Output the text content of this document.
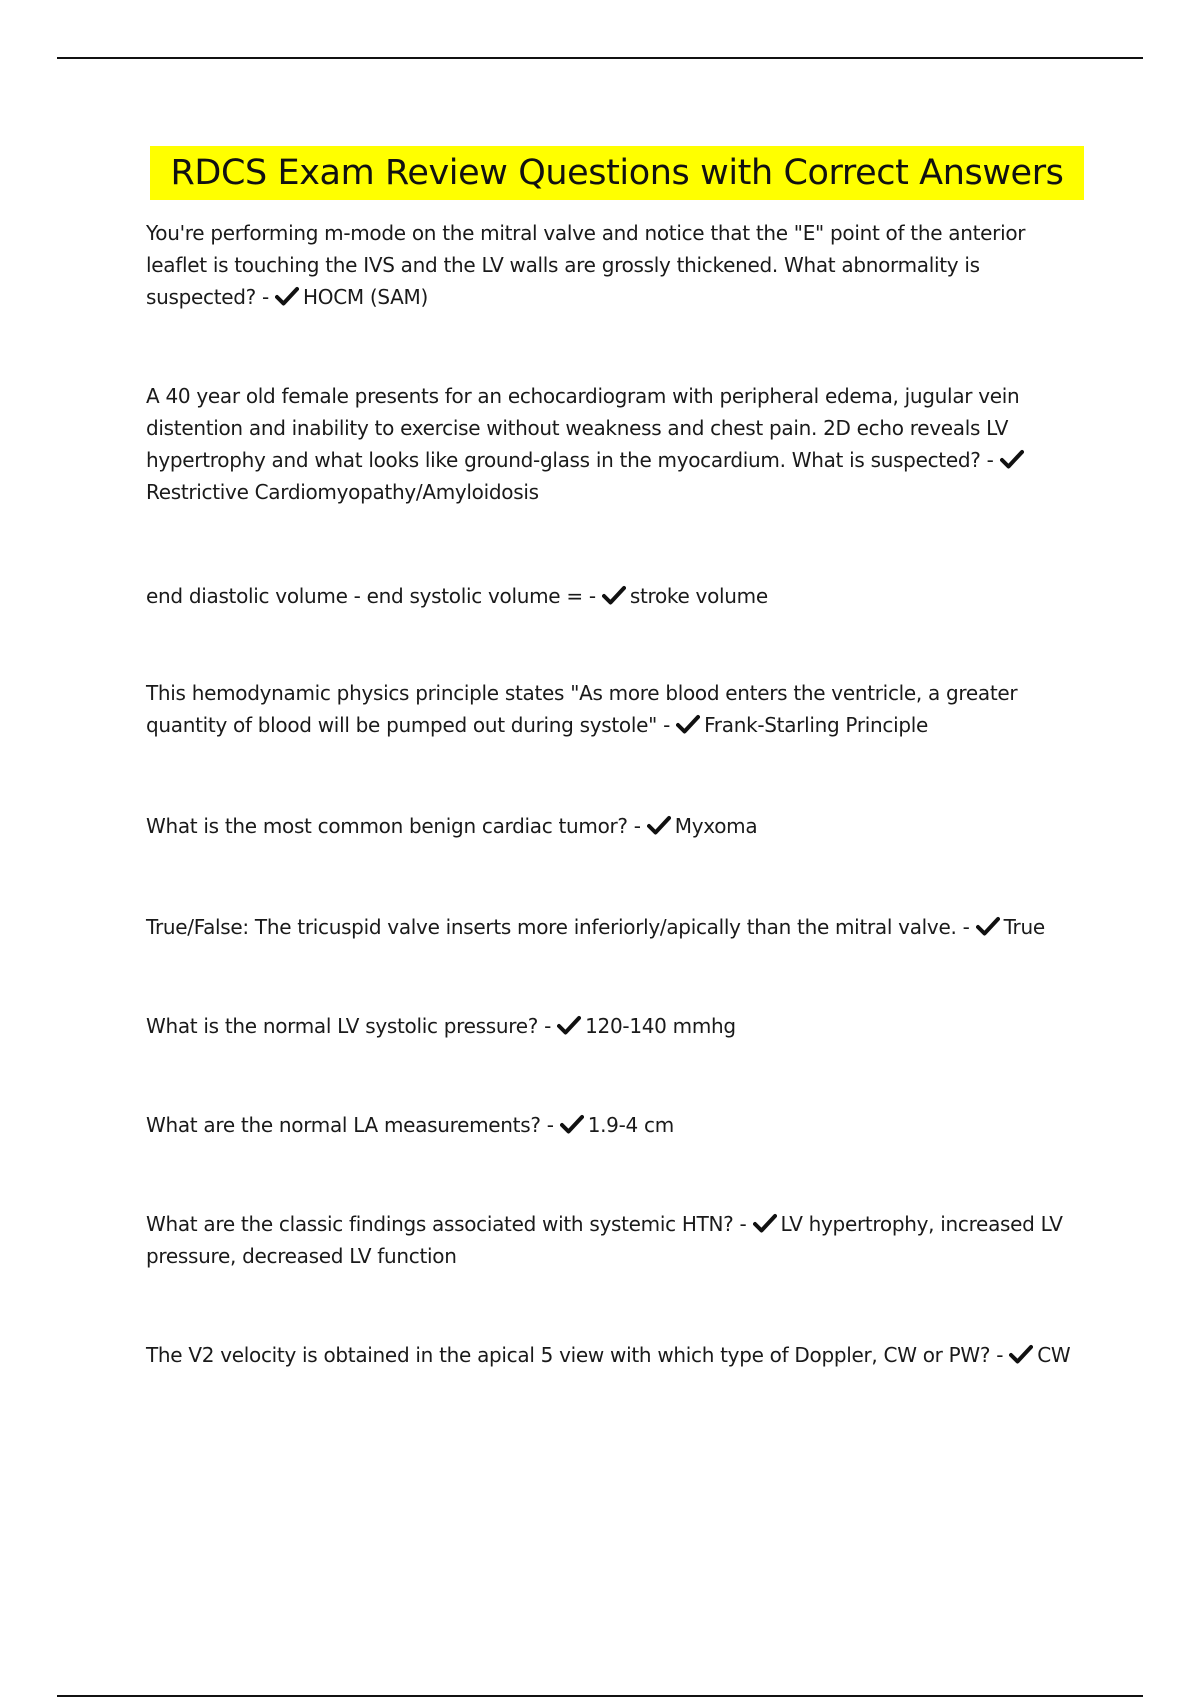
RDCS Exam Review Questions with Correct Answers
You're performing m-mode on the mitral valve and notice that the "E" point of the anterior leaflet is touching the IVS and the LV walls are grossly thickened. What abnormality is suspected? -
HOCM (SAM)
A 40 year old female presents for an echocardiogram with peripheral edema, jugular vein distention and inability to exercise without weakness and chest pain. 2D echo reveals LV hypertrophy and what looks like ground-glass in the myocardium. What is suspected? -
Restrictive Cardiomyopathy/Amyloidosis
end diastolic volume - end systolic volume = -
stroke volume
This hemodynamic physics principle states "As more blood enters the ventricle, a greater quantity of blood will be pumped out during systole" -
Frank-Starling Principle
What is the most common benign cardiac tumor? -
Myxoma
True/False: The tricuspid valve inserts more inferiorly/apically than the mitral valve. -
True
What is the normal LV systolic pressure? -
120-140 mmhg
What are the normal LA measurements? -
1.9-4 cm
What are the classic findings associated with systemic HTN? -
LV hypertrophy, increased LV pressure, decreased LV function
The V2 velocity is obtained in the apical 5 view with which type of Doppler, CW or PW? -
CW
